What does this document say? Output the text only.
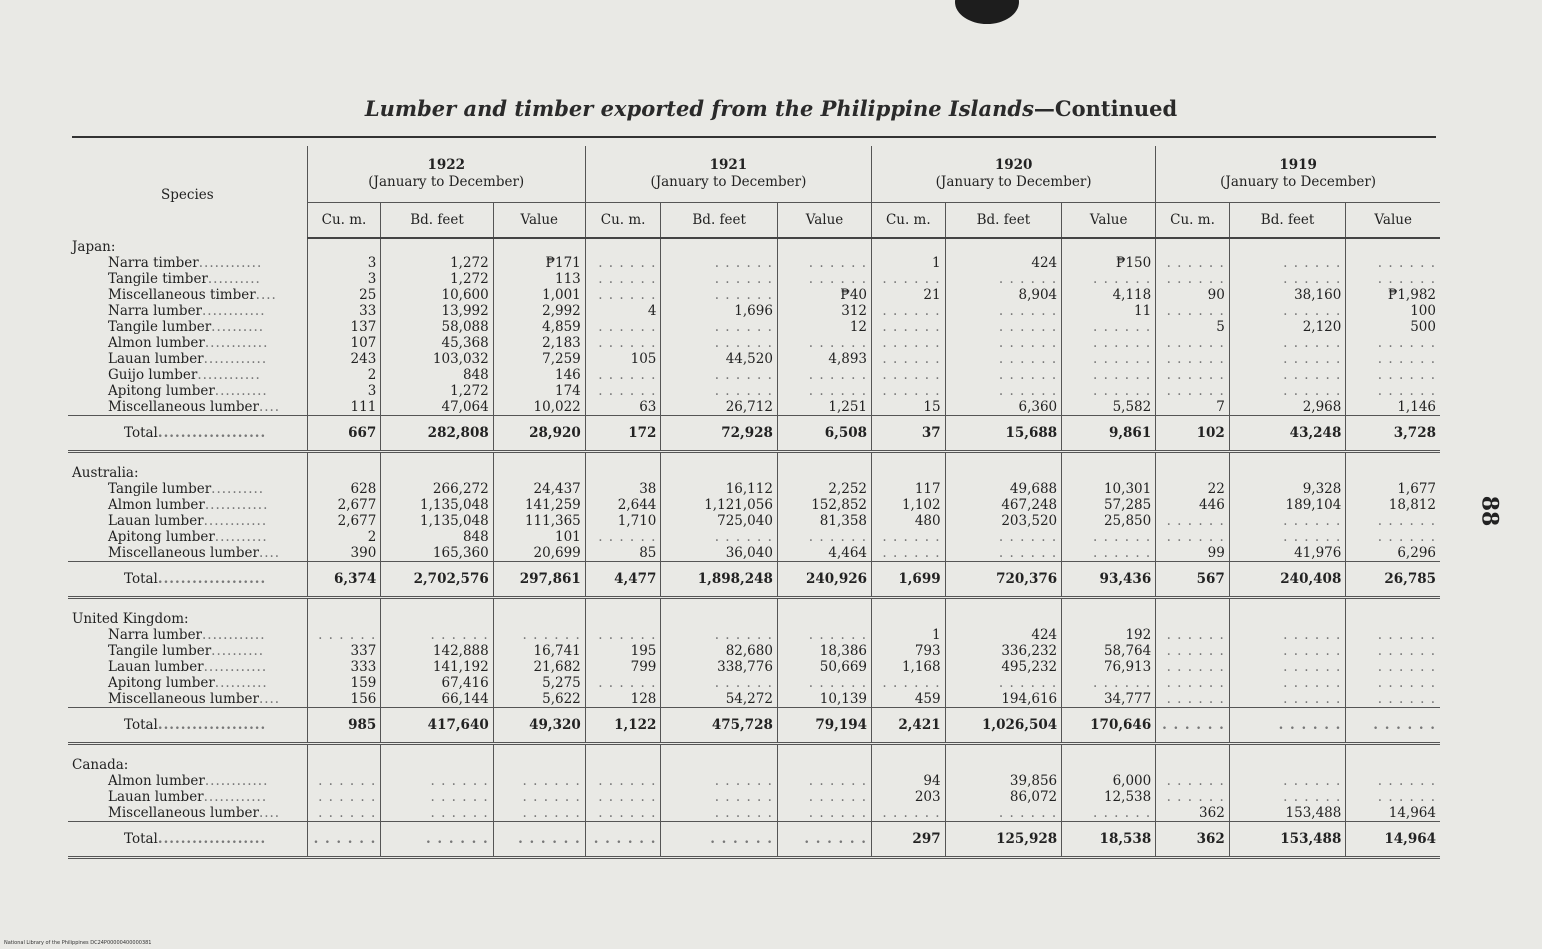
Lumber and timber exported from the Philippine Islands—Continued
88
Species	1922
(January to December)			1921
(January to December)			1920
(January to December)			1919
(January to December)		
	Cu. m.	Bd. feet	Value	Cu. m.	Bd. feet	Value	Cu. m.	Bd. feet	Value	Cu. m.	Bd. feet	Value
Japan:												
Narra timber............	3	1,272	₱171	. . . . . .	. . . . . .	. . . . . .	1	424	₱150	. . . . . .	. . . . . .	. . . . . .
Tangile timber..........	3	1,272	113	. . . . . .	. . . . . .	. . . . . .	. . . . . .	. . . . . .	. . . . . .	. . . . . .	. . . . . .	. . . . . .
Miscellaneous timber....	25	10,600	1,001	. . . . . .	. . . . . .	₱40	21	8,904	4,118	90	38,160	₱1,982
Narra lumber............	33	13,992	2,992	4	1,696	312	. . . . . .	. . . . . .	11	. . . . . .	. . . . . .	100
Tangile lumber..........	137	58,088	4,859	. . . . . .	. . . . . .	12	. . . . . .	. . . . . .	. . . . . .	5	2,120	500
Almon lumber............	107	45,368	2,183	. . . . . .	. . . . . .	. . . . . .	. . . . . .	. . . . . .	. . . . . .	. . . . . .	. . . . . .	. . . . . .
Lauan lumber............	243	103,032	7,259	105	44,520	4,893	. . . . . .	. . . . . .	. . . . . .	. . . . . .	. . . . . .	. . . . . .
Guijo lumber............	2	848	146	. . . . . .	. . . . . .	. . . . . .	. . . . . .	. . . . . .	. . . . . .	. . . . . .	. . . . . .	. . . . . .
Apitong lumber..........	3	1,272	174	. . . . . .	. . . . . .	. . . . . .	. . . . . .	. . . . . .	. . . . . .	. . . . . .	. . . . . .	. . . . . .
Miscellaneous lumber....	111	47,064	10,022	63	26,712	1,251	15	6,360	5,582	7	2,968	1,146
Total...................	667	282,808	28,920	172	72,928	6,508	37	15,688	9,861	102	43,248	3,728

Australia:												
Tangile lumber..........	628	266,272	24,437	38	16,112	2,252	117	49,688	10,301	22	9,328	1,677
Almon lumber............	2,677	1,135,048	141,259	2,644	1,121,056	152,852	1,102	467,248	57,285	446	189,104	18,812
Lauan lumber............	2,677	1,135,048	111,365	1,710	725,040	81,358	480	203,520	25,850	. . . . . .	. . . . . .	. . . . . .
Apitong lumber..........	2	848	101	. . . . . .	. . . . . .	. . . . . .	. . . . . .	. . . . . .	. . . . . .	. . . . . .	. . . . . .	. . . . . .
Miscellaneous lumber....	390	165,360	20,699	85	36,040	4,464	. . . . . .	. . . . . .	. . . . . .	99	41,976	6,296
Total...................	6,374	2,702,576	297,861	4,477	1,898,248	240,926	1,699	720,376	93,436	567	240,408	26,785

United Kingdom:												
Narra lumber............	. . . . . .	. . . . . .	. . . . . .	. . . . . .	. . . . . .	. . . . . .	1	424	192	. . . . . .	. . . . . .	. . . . . .
Tangile lumber..........	337	142,888	16,741	195	82,680	18,386	793	336,232	58,764	. . . . . .	. . . . . .	. . . . . .
Lauan lumber............	333	141,192	21,682	799	338,776	50,669	1,168	495,232	76,913	. . . . . .	. . . . . .	. . . . . .
Apitong lumber..........	159	67,416	5,275	. . . . . .	. . . . . .	. . . . . .	. . . . . .	. . . . . .	. . . . . .	. . . . . .	. . . . . .	. . . . . .
Miscellaneous lumber....	156	66,144	5,622	128	54,272	10,139	459	194,616	34,777	. . . . . .	. . . . . .	. . . . . .
Total...................	985	417,640	49,320	1,122	475,728	79,194	2,421	1,026,504	170,646	. . . . . .	. . . . . .	. . . . . .

Canada:												
Almon lumber............	. . . . . .	. . . . . .	. . . . . .	. . . . . .	. . . . . .	. . . . . .	94	39,856	6,000	. . . . . .	. . . . . .	. . . . . .
Lauan lumber............	. . . . . .	. . . . . .	. . . . . .	. . . . . .	. . . . . .	. . . . . .	203	86,072	12,538	. . . . . .	. . . . . .	. . . . . .
Miscellaneous lumber....	. . . . . .	. . . . . .	. . . . . .	. . . . . .	. . . . . .	. . . . . .	. . . . . .	. . . . . .	. . . . . .	362	153,488	14,964
Total...................	. . . . . .	. . . . . .	. . . . . .	. . . . . .	. . . . . .	. . . . . .	297	125,928	18,538	362	153,488	14,964
National Library of the Philippines DC24P00000400000381
